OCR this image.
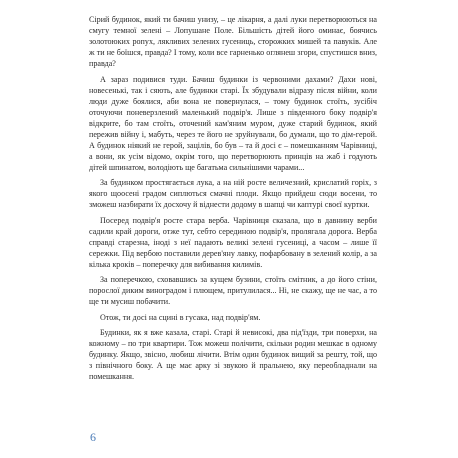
Сірий будинок, який ти бачиш унизу, – це лікарня, а далі луки перетворюються на смугу темної зелені – Лопушане Поле. Більшість дітей його оминає, боячись золотоюких ропух, лякливих зелених гусениць, сторожких мишей та павуків. Але ж ти не боїшся, правда? І тому, коли все гарненько оглянеш згори, спустишся вниз, правда?

А зараз подивися туди. Бачиш будинки із червоними дахами? Дахи нові, новесенькі, так і сяють, але будинки старі. Їх збудували відразу після війни, коли люди дуже боялися, аби вона не повернулася, – тому будинок стоїть, зусібіч оточуючи поневерзлений маленький подвір'я. Лише з південного боку подвір'я відкрите, бо там стоїть, оточений кам'яним муром, дуже старий будинок, який пережив війну і, мабуть, через те його не зруйнували, бо думали, що то дім-герой. А будинок ніякий не герой, зацілів, бо був – та й досі є – помешканням Чарівниці, а вони, як усім відомо, окрім того, що перетворюють принців на жаб і годують дітей шпинатом, володіють ще багатьма сильнішими чарами...

За будинком простягається лука, а на ній росте величезний, крислатий горіх, з якого щоосені градом сиплються смачні плоди. Якщо прийдеш сюди восени, то зможеш назбирати їх досхочу й віднести додому в шапці чи каптурі своєї куртки.

Посеред подвір'я росте стара верба. Чарівниця сказала, що в давнину верби садили край дороги, отже тут, себто серединою подвір'я, пролягала дорога. Верба справді старезна, іноді з неї падають великі зелені гусениці, а часом – лише її сережки. Під вербою поставили дерев'яну лавку, пофарбовану в зелений колір, а за кілька кроків – поперечку для вибивання килимів.

За поперечкою, сховавшись за кущем бузини, стоїть смітник, а до його стіни, порослої диким виноградом і плющем, притулилася... Ні, не скажу, ще не час, а то ще ти мусиш побачити.

Отож, ти досі на сцині в гусака, над подвір'ям.

Будинки, як я вже казала, старі. Старі й невисокі, два під'їзди, три поверхи, на кожному – по три квартири. Тож можеш полічити, скільки родин мешкає в одному будинку. Якщо, звісно, любиш лічити. Втім один будинок вищий за решту, той, що з північного боку. А ще має арку зі звукою й пральнею, яку переобладнали на помешкання.

6
